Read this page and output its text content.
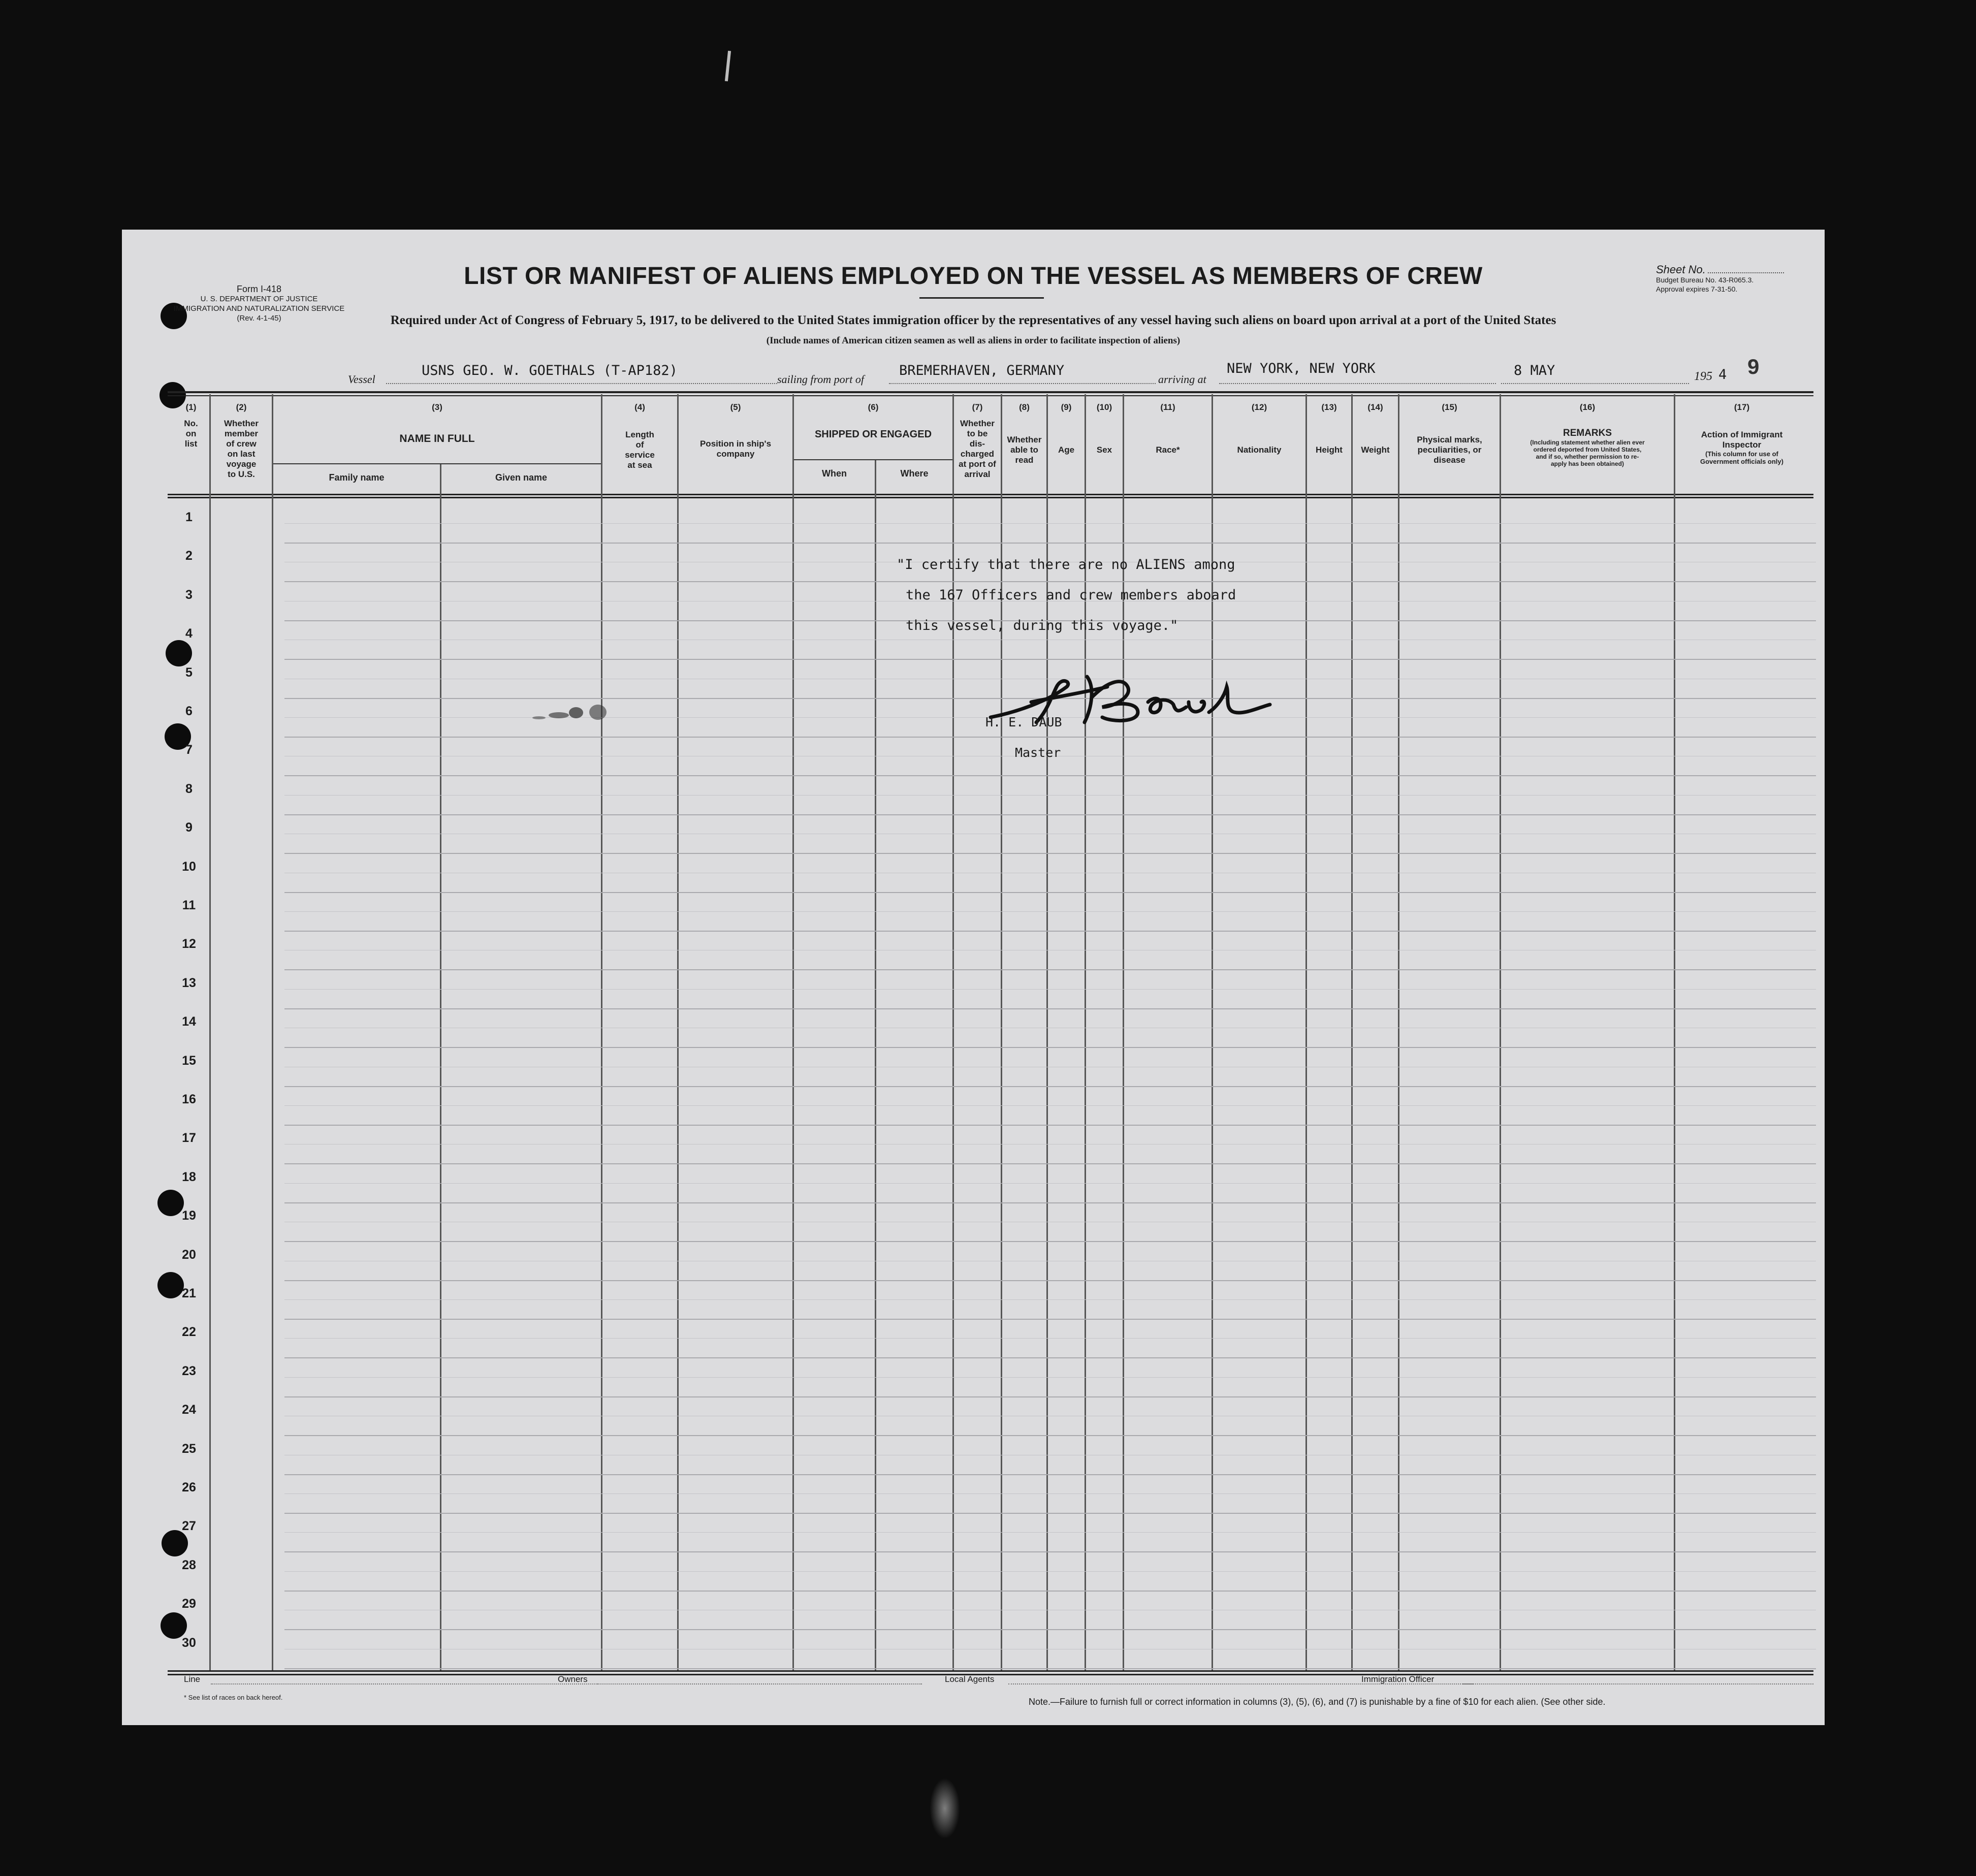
Form I-418
U. S. DEPARTMENT OF JUSTICE
IMMIGRATION AND NATURALIZATION SERVICE
(Rev. 4-1-45)
LIST OR MANIFEST OF ALIENS EMPLOYED ON THE VESSEL AS MEMBERS OF CREW	Sheet No.
Budget Bureau No. 43-R065.3.
Approval expires 7-31-50.
Required under Act of Congress of February 5, 1917, to be delivered to the United States immigration officer by the representatives of any vessel having such aliens on board upon arrival at a port of the United States
(Include names of American citizen seamen as well as aliens in order to facilitate inspection of aliens)
Vessel
USNS GEO. W. GOETHALS (T-AP182)
sailing from port of
BREMERHAVEN, GERMANY
arriving at
NEW YORK, NEW YORK	8 MAY	195 4 9
(1)
No.
on
list
(2)
Whether
member
of crew
on last
voyage
to U.S.
(3)
NAME IN FULL
Family name	Given name
(4)
Length
of
service
at sea
(5)
Position in ship's
company
(6)
SHIPPED OR ENGAGED
When	Where
(7)
Whether
to be
dis-
charged
at port of
arrival
(8)
Whether
able to
read
(9)
Age
(10)
Sex
(11)
Race*
(12)
Nationality
(13)
Height
(14)
Weight
(15)
Physical marks,
peculiarities, or
disease
(16)
REMARKS
(Including statement whether alien ever
ordered deported from United States,
and if so, whether permission to re-
apply has been obtained)
(17)
Action of Immigrant
Inspector
(This column for use of
Government officials only)
1
2
3
4
5
6
7
8
9
10
11
12
13
14
15
16
17
18
19
20
21
22
23
24
25
26
27
28
29
30
"I certify that there are no ALIENS among
the 167 Officers and crew members aboard
this vessel, during this voyage."
H. E. DAUB
Master
Line	Owners	Local Agents	Immigration Officer
* See list of races on back hereof.	Note.—Failure to furnish full or correct information in columns (3), (5), (6), and (7) is punishable by a fine of $10 for each alien. (See other side.
